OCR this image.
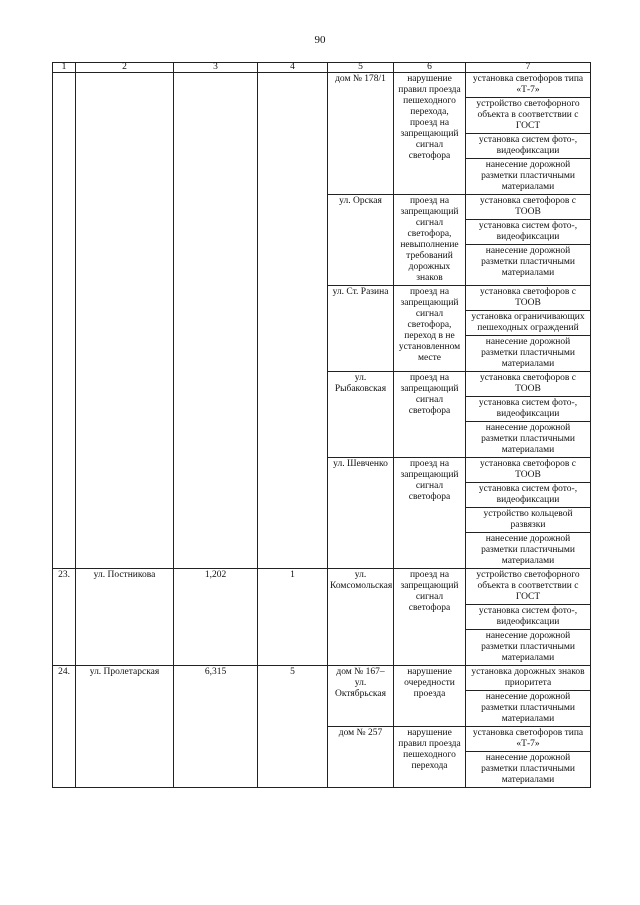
90
1	2	3	4	5	6	7
				дом № 178/1	нарушение правил проезда пешеходного перехода, проезд на запрещающий сигнал светофора	установка светофоров типа «Т-7»
устройство светофорного объекта в соответствии с ГОСТ
установка систем фото-, видеофиксации
нанесение дорожной разметки пластичными материалами

				ул. Орская	проезд на запрещающий сигнал светофора, невыполнение требований дорожных знаков	установка светофоров с ТООВ
установка систем фото-, видеофиксации
нанесение дорожной разметки пластичными материалами

				ул. Ст. Разина	проезд на запрещающий сигнал светофора, переход в не установленном месте	установка светофоров с ТООВ
установка ограничивающих пешеходных ограждений
нанесение дорожной разметки пластичными материалами

				ул. Рыбаковская	проезд на запрещающий сигнал светофора	установка светофоров с ТООВ
установка систем фото-, видеофиксации
нанесение дорожной разметки пластичными материалами

				ул. Шевченко	проезд на запрещающий сигнал светофора	установка светофоров с ТООВ
установка систем фото-, видеофиксации
устройство кольцевой развязки
нанесение дорожной разметки пластичными материалами

23.	ул. Постникова	1,202	1	ул. Комсомольская	проезд на запрещающий сигнал светофора	устройство светофорного объекта в соответствии с ГОСТ
установка систем фото-, видеофиксации
нанесение дорожной разметки пластичными материалами

24.	ул. Пролетарская	6,315	5	дом № 167– ул. Октябрьская	нарушение очередности проезда	установка дорожных знаков приоритета
нанесение дорожной разметки пластичными материалами

				дом № 257	нарушение правил проезда пешеходного перехода	установка светофоров типа «Т-7»
нанесение дорожной разметки пластичными материалами
